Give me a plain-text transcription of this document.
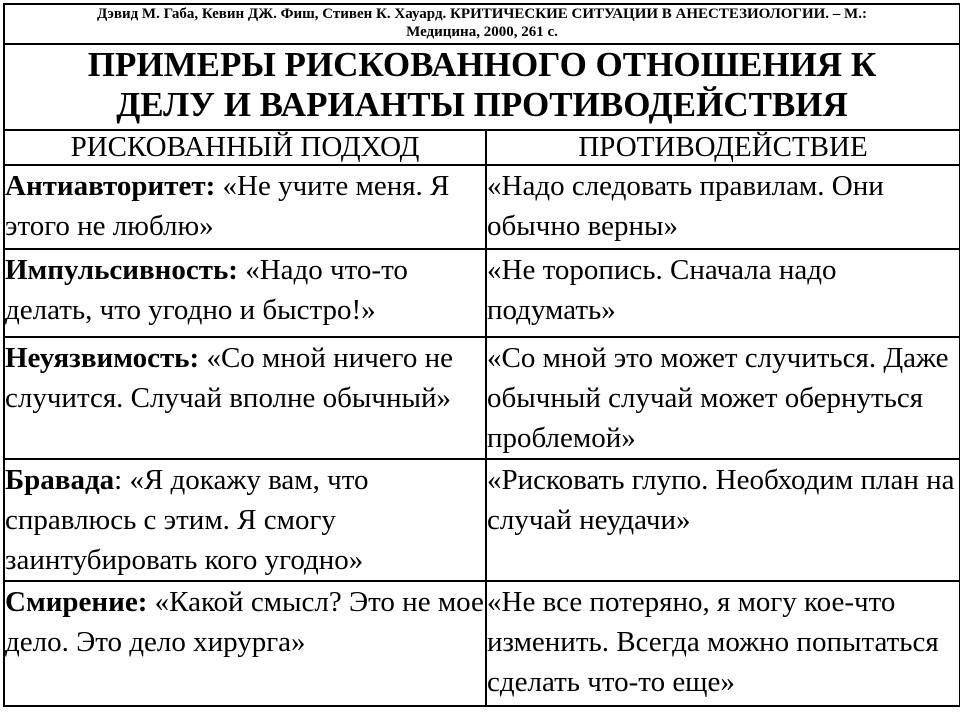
Дэвид М. Габа, Кевин ДЖ. Фиш, Стивен К. Хауард. КРИТИЧЕСКИЕ СИТУАЦИИ В АНЕСТЕЗИОЛОГИИ. – М.:
Медицина, 2000, 261 с.	
ПРИМЕРЫ РИСКОВАННОГО ОТНОШЕНИЯ К
ДЕЛУ И ВАРИАНТЫ ПРОТИВОДЕЙСТВИЯ	
РИСКОВАННЫЙ ПОДХОД	ПРОТИВОДЕЙСТВИЕ
Антиавторитет: «Не учите меня. Я этого не люблю»	«Надо следовать правилам. Они обычно верны»
Импульсивность: «Надо что-то делать, что угодно и быстро!»	«Не торопись. Сначала надо подумать»
Неуязвимость: «Со мной ничего не случится. Случай вполне обычный»	«Со мной это может случиться. Даже обычный случай может обернуться проблемой»
Бравада: «Я докажу вам, что справлюсь с этим. Я смогу заинтубировать кого угодно»	«Рисковать глупо. Необходим план на случай неудачи»
Смирение: «Какой смысл? Это не мое дело. Это дело хирурга»	«Не все потеряно, я могу кое-что изменить. Всегда можно попытаться сделать что-то еще»
